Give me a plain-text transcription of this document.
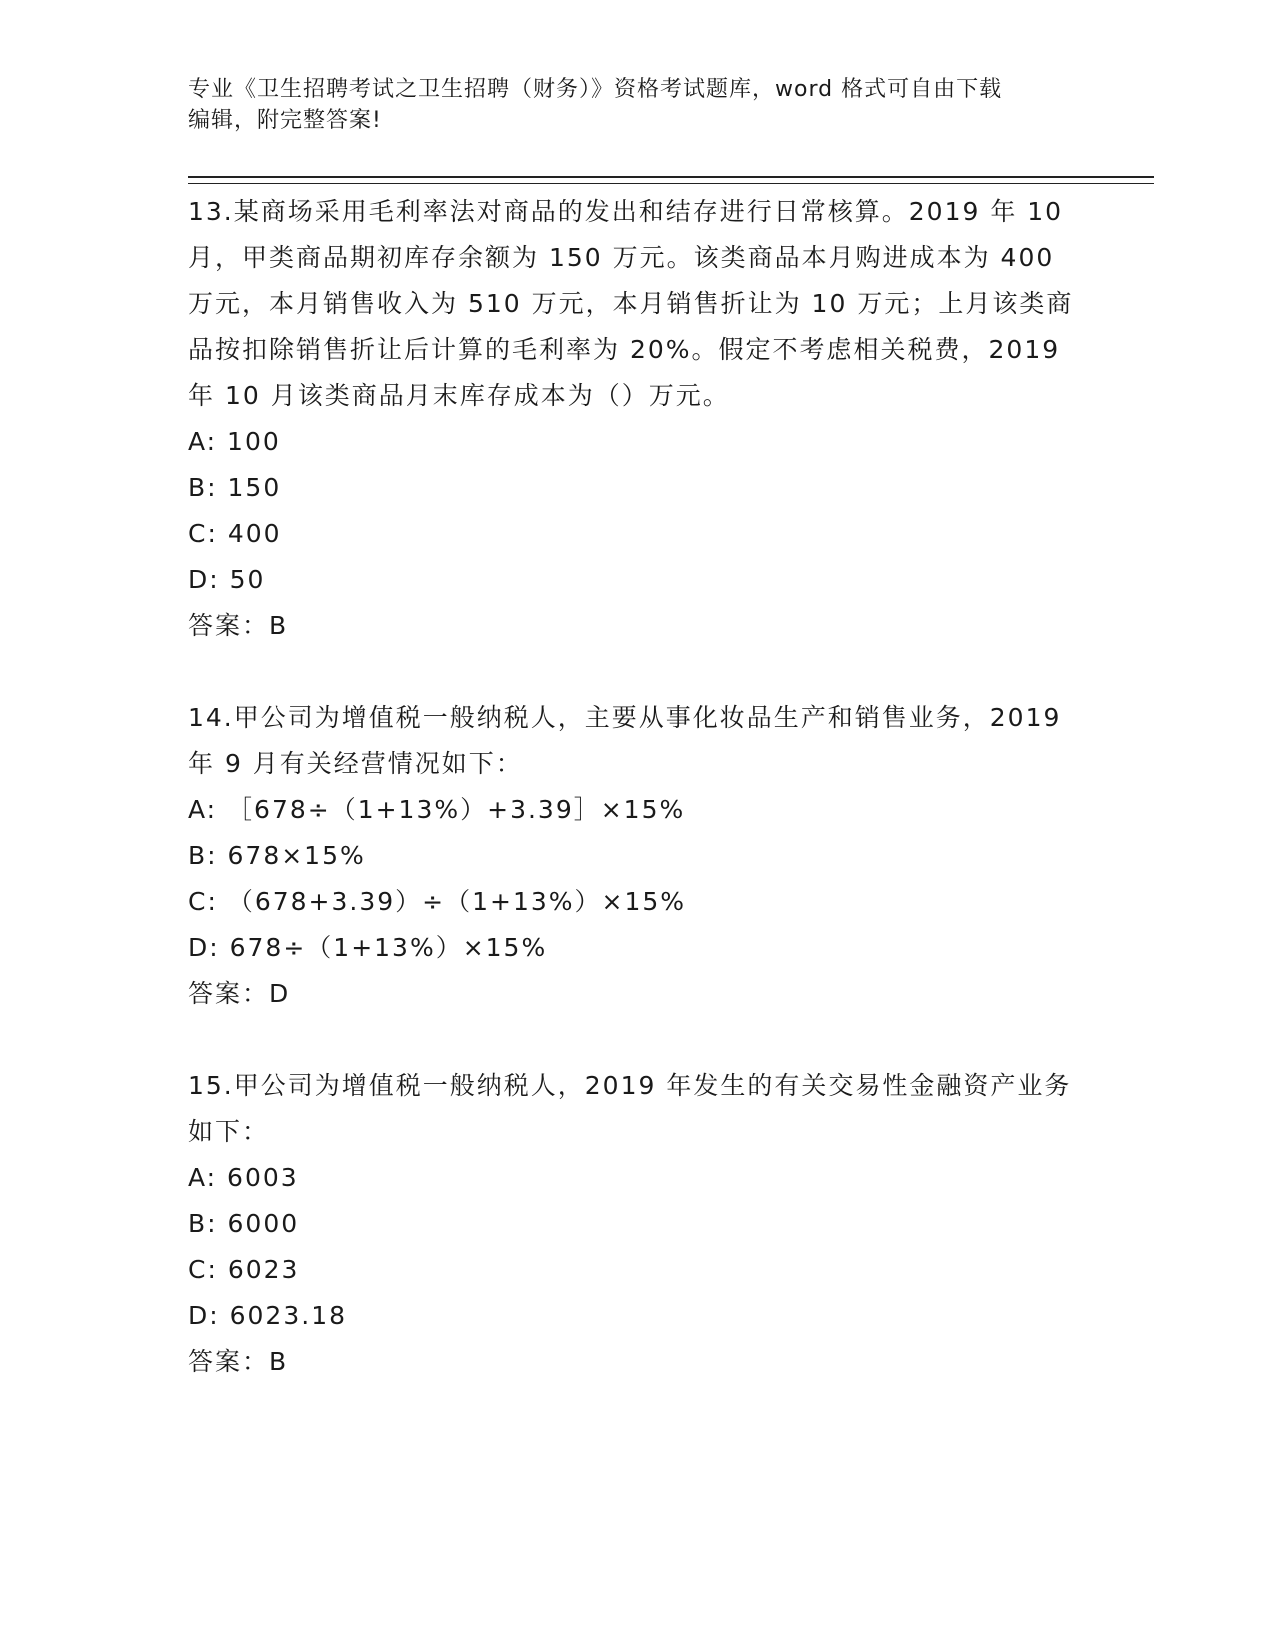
专业《卫生招聘考试之卫生招聘（财务）》资格考试题库，word 格式可自由下载
编辑，附完整答案!

13.某商场采用毛利率法对商品的发出和结存进行日常核算。2019 年 10 月，甲类商品期初库存余额为 150 万元。该类商品本月购进成本为 400 万元，本月销售收入为 510 万元，本月销售折让为 10 万元；上月该类商品按扣除销售折让后计算的毛利率为 20%。假定不考虑相关税费，2019 年 10 月该类商品月末库存成本为（）万元。

A: 100

B: 150

C: 400

D: 50

答案：B

14.甲公司为增值税一般纳税人，主要从事化妆品生产和销售业务，2019 年 9 月有关经营情况如下：

A: ［678÷（1+13%）+3.39］×15%

B: 678×15%

C: （678+3.39）÷（1+13%）×15%

D: 678÷（1+13%）×15%

答案：D

15.甲公司为增值税一般纳税人，2019 年发生的有关交易性金融资产业务如下：

A: 6003

B: 6000

C: 6023

D: 6023.18

答案：B
